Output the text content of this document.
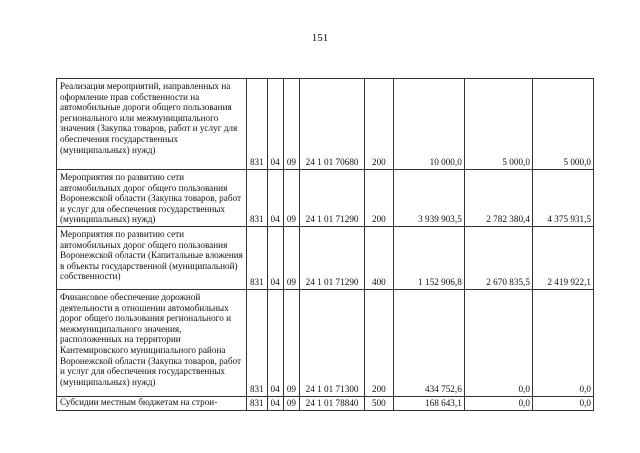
151
Реализация мероприятий, направленных на оформление прав собственности на автомобильные дороги общего пользования регионального или межмуниципального значения (Закупка товаров, работ и услуг для обеспечения государственных (муниципальных) нужд)	831	04	09	24 1 01 70680	200	10 000,0	5 000,0	5 000,0
Мероприятия по развитию сети автомобильных дорог общего пользования Воронежской области (Закупка товаров, работ и услуг для обеспечения государственных (муниципальных) нужд)	831	04	09	24 1 01 71290	200	3 939 903,5	2 782 380,4	4 375 931,5
Мероприятия по развитию сети автомобильных дорог общего пользования Воронежской области (Капитальные вложения в объекты государственной (муниципальной) собственности)	831	04	09	24 1 01 71290	400	1 152 906,8	2 670 835,5	2 419 922,1
Финансовое обеспечение дорожной деятельности в отношении автомобильных дорог общего пользования регионального и межмуниципального значения, расположенных на территории Кантемировского муниципального района Воронежской области (Закупка товаров, работ и услуг для обеспечения государственных (муниципальных) нужд)	831	04	09	24 1 01 71300	200	434 752,6	0,0	0,0
Субсидии местным бюджетам на строи-	831	04	09	24 1 01 78840	500	168 643,1	0,0	0,0
